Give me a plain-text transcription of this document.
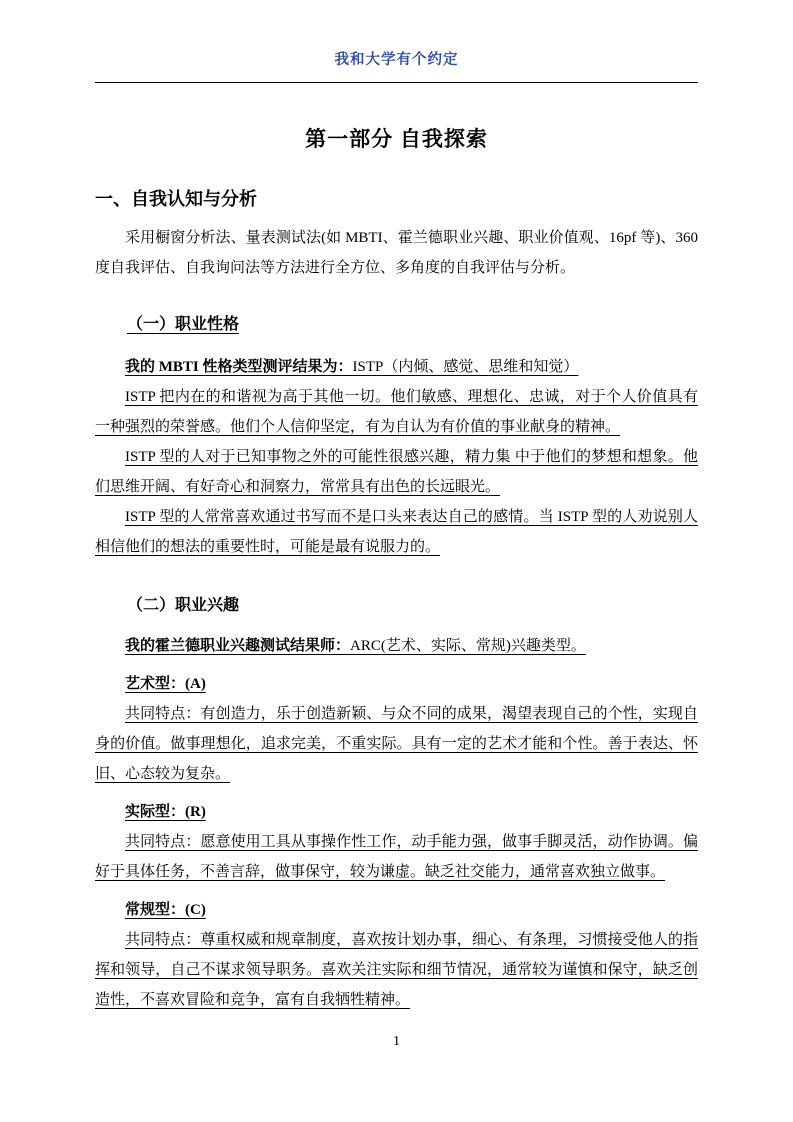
我和大学有个约定
第一部分 自我探索
一、自我认知与分析

采用橱窗分析法、量表测试法(如 MBTI、霍兰德职业兴趣、职业价值观、16pf 等)、360 度自我评估、自我询问法等方法进行全方位、多角度的自我评估与分析。

（一）职业性格

我的 MBTI 性格类型测评结果为：ISTP（内倾、感觉、思维和知觉）

ISTP 把内在的和谐视为高于其他一切。他们敏感、理想化、忠诚，对于个人价值具有一种强烈的荣誉感。他们个人信仰坚定，有为自认为有价值的事业献身的精神。

ISTP 型的人对于已知事物之外的可能性很感兴趣，精力集 中于他们的梦想和想象。他们思维开阔、有好奇心和洞察力，常常具有出色的长远眼光。

ISTP 型的人常常喜欢通过书写而不是口头来表达自己的感情。当 ISTP 型的人劝说别人相信他们的想法的重要性时，可能是最有说服力的。

（二）职业兴趣

我的霍兰德职业兴趣测试结果师：ARC(艺术、实际、常规)兴趣类型。

艺术型：(A)

共同特点：有创造力，乐于创造新颖、与众不同的成果，渴望表现自己的个性，实现自身的价值。做事理想化，追求完美，不重实际。具有一定的艺术才能和个性。善于表达、怀旧、心态较为复杂。

实际型：(R)

共同特点：愿意使用工具从事操作性工作，动手能力强，做事手脚灵活，动作协调。偏好于具体任务，不善言辞，做事保守，较为谦虚。缺乏社交能力，通常喜欢独立做事。

常规型：(C)

共同特点：尊重权威和规章制度，喜欢按计划办事，细心、有条理，习惯接受他人的指挥和领导，自己不谋求领导职务。喜欢关注实际和细节情况，通常较为谨慎和保守，缺乏创造性，不喜欢冒险和竞争，富有自我牺牲精神。

1
